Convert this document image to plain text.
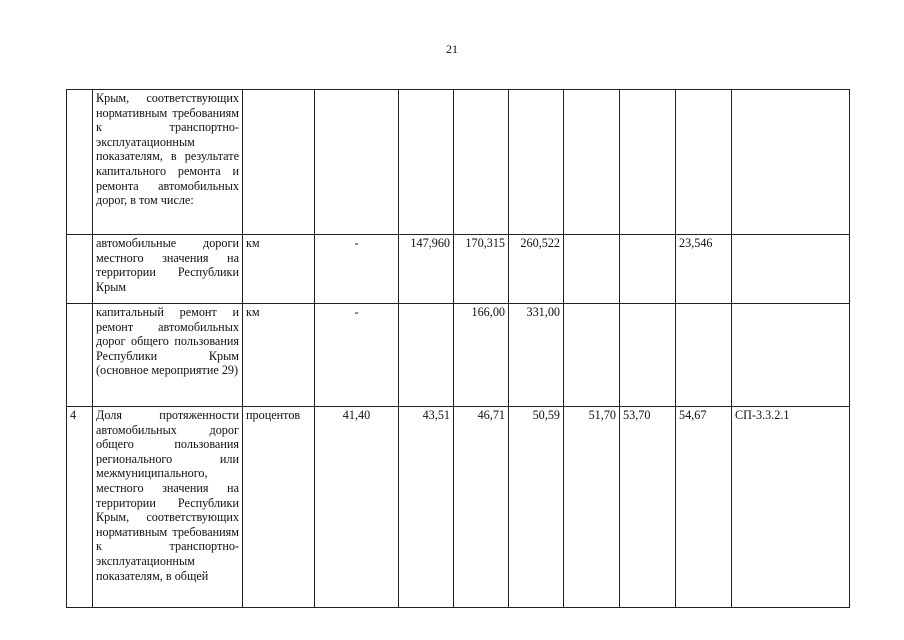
21
	Крым, соответствующих нормативным требованиям к транспортно-эксплуатационным показателям, в результате капитального ремонта и ремонта автомобильных дорог, в том числе:									
	автомобильные дороги местного значения на территории Республики Крым	км	-	147,960	170,315	260,522			23,546	
	капитальный ремонт и ремонт автомобильных дорог общего пользования Республики Крым (основное мероприятие 29)	км	-		166,00	331,00				
4	Доля протяженности автомобильных дорог общего пользования регионального или межмуниципального, местного значения на территории Республики Крым, соответствующих нормативным требованиям к транспортно-эксплуатационным показателям, в общей	процентов	41,40	43,51	46,71	50,59	51,70	53,70	54,67	СП-3.3.2.1
